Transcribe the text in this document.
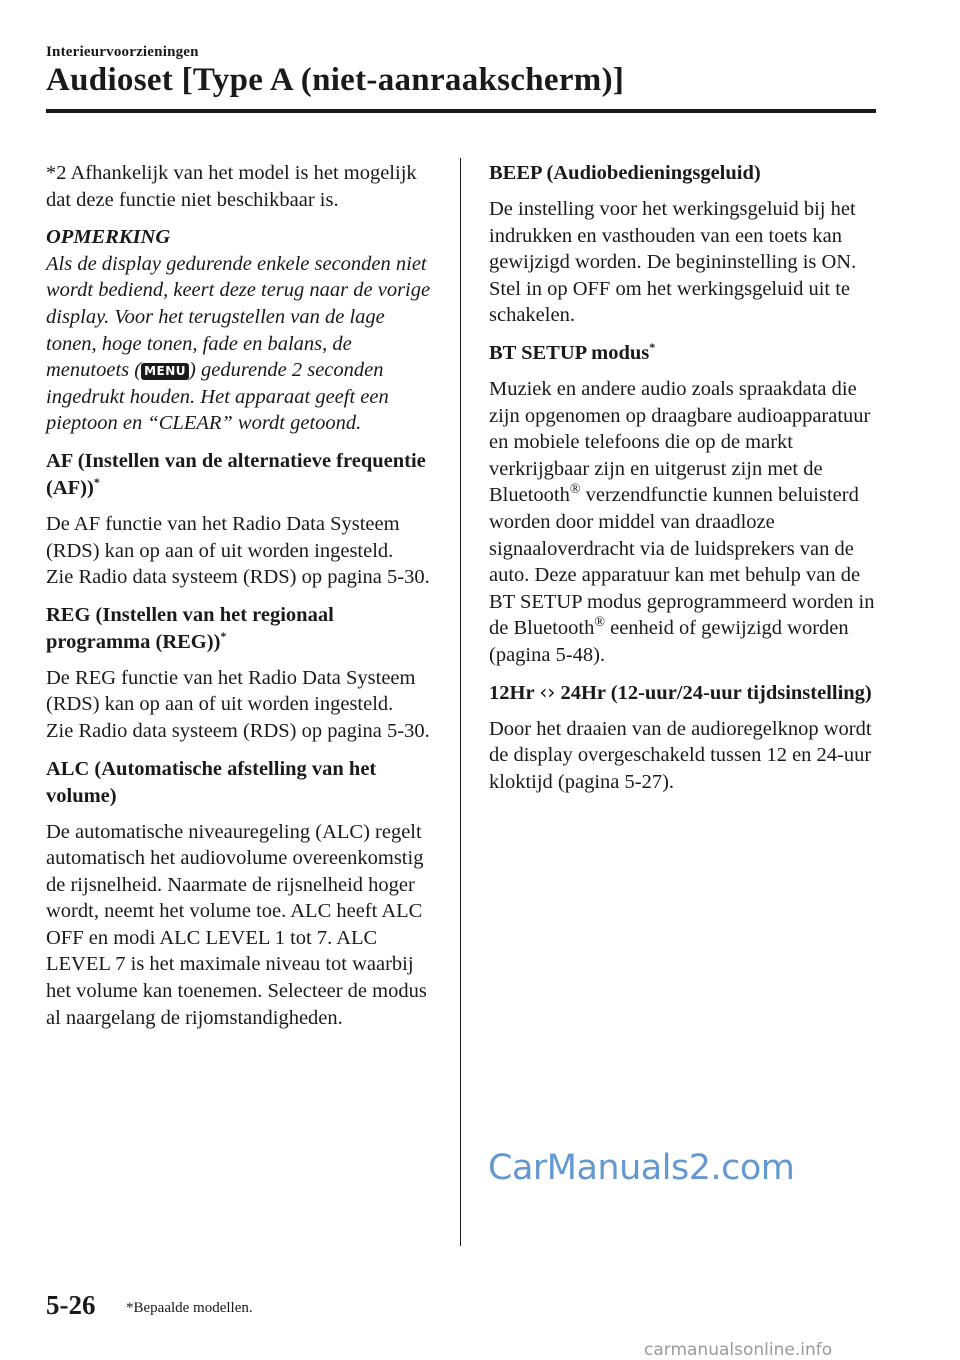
Interieurvoorzieningen
Audioset [Type A (niet-aanraakscherm)]

*2 Afhankelijk van het model is het mogelijk dat deze functie niet beschikbaar is.

OPMERKING
Als de display gedurende enkele seconden niet wordt bediend, keert deze terug naar de vorige display. Voor het terugstellen van de lage tonen, hoge tonen, fade en balans, de menutoets ( MENU ) gedurende 2 seconden ingedrukt houden. Het apparaat geeft een pieptoon en “CLEAR” wordt getoond.
AF (Instellen van de alternatieve frequentie (AF))*

De AF functie van het Radio Data Systeem (RDS) kan op aan of uit worden ingesteld.

Zie Radio data systeem (RDS) op pagina 5-30.

REG (Instellen van het regionaal programma (REG))*

De REG functie van het Radio Data Systeem (RDS) kan op aan of uit worden ingesteld.

Zie Radio data systeem (RDS) op pagina 5-30.

ALC (Automatische afstelling van het volume)

De automatische niveauregeling (ALC) regelt automatisch het audiovolume overeenkomstig de rijsnelheid. Naarmate de rijsnelheid hoger wordt, neemt het volume toe. ALC heeft ALC OFF en modi ALC LEVEL 1 tot 7. ALC LEVEL 7 is het maximale niveau tot waarbij het volume kan toenemen. Selecteer de modus al naargelang de rijomstandigheden.

BEEP (Audiobedieningsgeluid)

De instelling voor het werkingsgeluid bij het indrukken en vasthouden van een toets kan gewijzigd worden. De begininstelling is ON. Stel in op OFF om het werkingsgeluid uit te schakelen.

BT SETUP modus*

Muziek en andere audio zoals spraakdata die zijn opgenomen op draagbare audioapparatuur en mobiele telefoons die op de markt verkrijgbaar zijn en uitgerust zijn met de Bluetooth® verzendfunctie kunnen beluisterd worden door middel van draadloze signaaloverdracht via de luidsprekers van de auto. Deze apparatuur kan met behulp van de BT SETUP modus geprogrammeerd worden in de Bluetooth® eenheid of gewijzigd worden (pagina 5-48).

12Hr ‹› 24Hr (12-uur/24-uur tijdsinstelling)

Door het draaien van de audioregelknop wordt de display overgeschakeld tussen 12 en 24-uur kloktijd (pagina 5-27).

CarManuals2.com
5-26 *Bepaalde modellen.
carmanualsonline.info
